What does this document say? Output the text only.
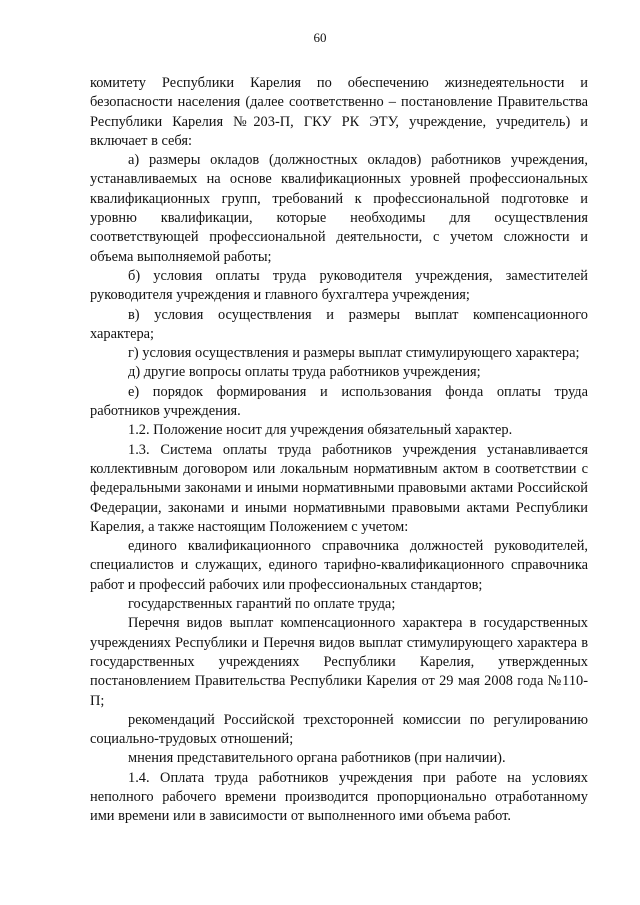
60

комитету Республики Карелия по обеспечению жизнедеятельности и безопасности населения (далее соответственно – постановление Правительства Республики Карелия №203-П, ГКУ РК ЭТУ, учреждение, учредитель) и включает в себя:

а) размеры окладов (должностных окладов) работников учреждения, устанавливаемых на основе квалификационных уровней профессиональных квалификационных групп, требований к профессиональной подготовке и уровню квалификации, которые необходимы для осуществления соответствующей профессиональной деятельности, с учетом сложности и объема выполняемой работы;

б) условия оплаты труда руководителя учреждения, заместителей руководителя учреждения и главного бухгалтера учреждения;

в) условия осуществления и размеры выплат компенсационного характера;

г) условия осуществления и размеры выплат стимулирующего характера;

д) другие вопросы оплаты труда работников учреждения;

е) порядок формирования и использования фонда оплаты труда работников учреждения.

1.2. Положение носит для учреждения обязательный характер.

1.3. Система оплаты труда работников учреждения устанавливается коллективным договором или локальным нормативным актом в соответствии с федеральными законами и иными нормативными правовыми актами Российской Федерации, законами и иными нормативными правовыми актами Республики Карелия, а также настоящим Положением с учетом:

единого квалификационного справочника должностей руководителей, специалистов и служащих, единого тарифно-квалификационного справочника работ и профессий рабочих или профессиональных стандартов;

государственных гарантий по оплате труда;

Перечня видов выплат компенсационного характера в государственных учреждениях Республики и Перечня видов выплат стимулирующего характера в государственных учреждениях Республики Карелия, утвержденных постановлением Правительства Республики Карелия от 29 мая 2008 года №110-П;

рекомендаций Российской трехсторонней комиссии по регулированию социально-трудовых отношений;

мнения представительного органа работников (при наличии).

1.4. Оплата труда работников учреждения при работе на условиях неполного рабочего времени производится пропорционально отработанному ими времени или в зависимости от выполненного ими объема работ.
